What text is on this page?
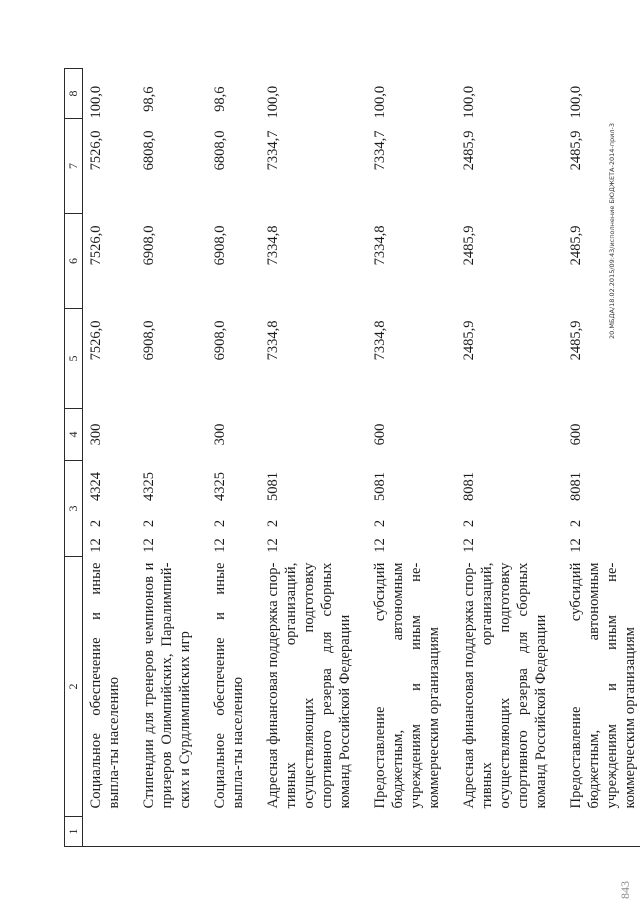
1	2	3			4	5	6	7	8
	Социальное обеспечение и иные выпла-ты населению	12	2	4324	300	7526,0	7526,0	7526,0	100,0
	Стипендии для тренеров чемпионов и призеров Олимпийских, Паралимпий-ских и Сурдлимпийских игр	12	2	4325		6908,0	6908,0	6808,0	98,6
	Социальное обеспечение и иные выпла-ты населению	12	2	4325	300	6908,0	6908,0	6808,0	98,6
	Адресная финансовая поддержка спор-тивных организаций, осуществляющих подготовку спортивного резерва для сборных команд Российской Федерации	12	2	5081		7334,8	7334,8	7334,7	100,0
	Предоставление субсидий бюджетным, автономным учреждениям и иным не-коммерческим организациям	12	2	5081	600	7334,8	7334,8	7334,7	100,0
	Адресная финансовая поддержка спор-тивных организаций, осуществляющих подготовку спортивного резерва для сборных команд Российской Федерации	12	2	8081		2485,9	2485,9	2485,9	100,0
	Предоставление субсидий бюджетным, автономным учреждениям и иным не-коммерческим организациям	12	2	8081	600	2485,9	2485,9	2485,9	100,0
20.МБДА/18.02.2015/09:43/исполнение БЮДЖЕТА-2014-прил-3
843
